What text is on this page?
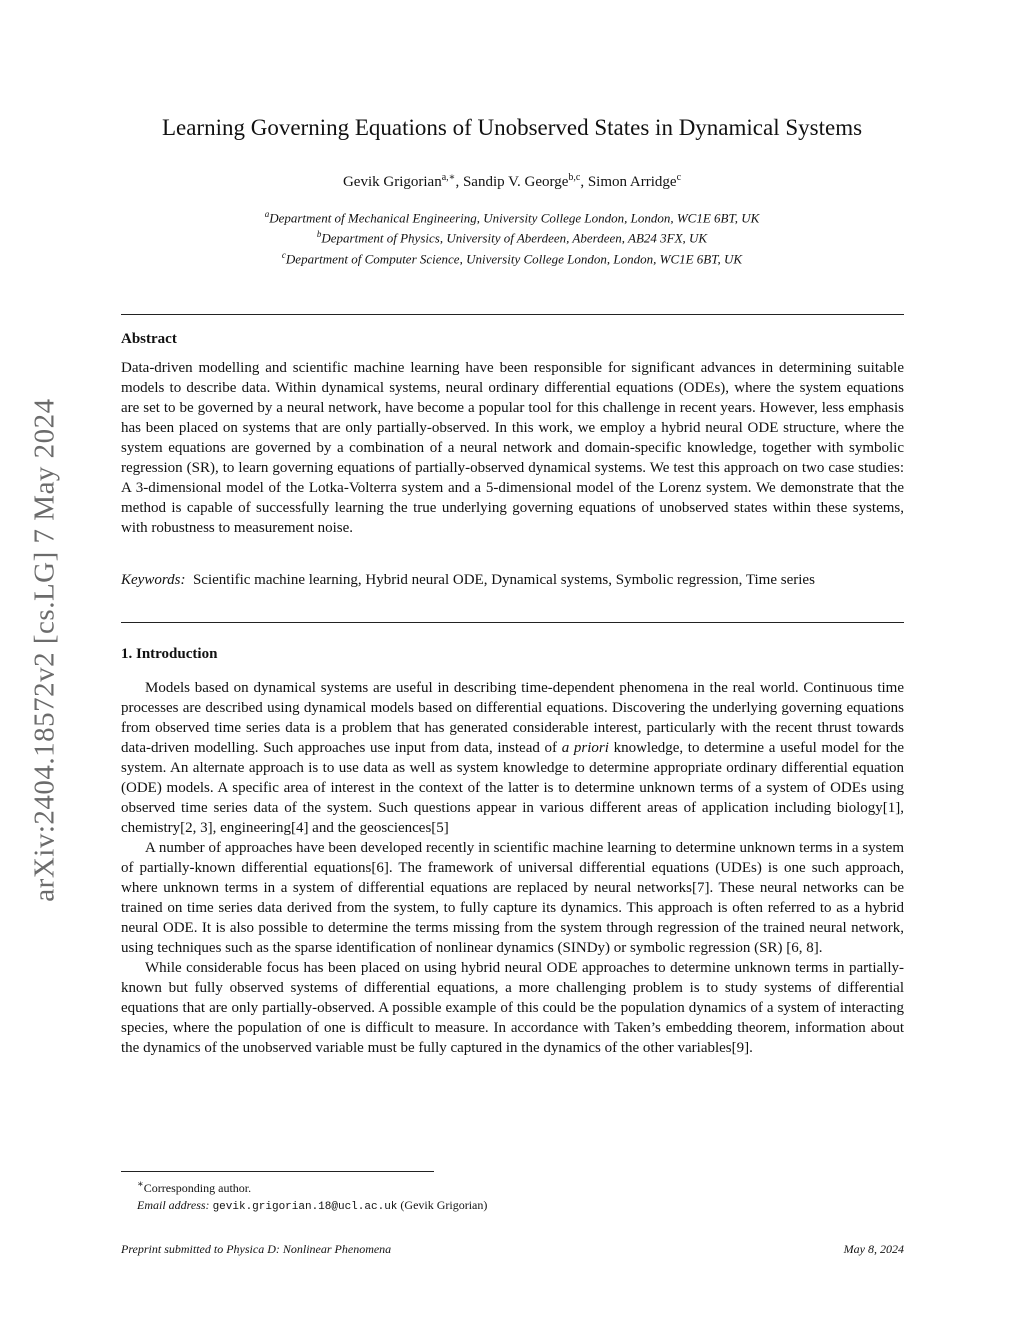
arXiv:2404.18572v2 [cs.LG] 7 May 2024
Learning Governing Equations of Unobserved States in Dynamical Systems
Gevik Grigorian$^{a,∗}$, Sandip V. George$^{b,c}$, Simon Arridge$^c$
$^a$Department of Mechanical Engineering, University College London, London, WC1E 6BT, UK
$^b$Department of Physics, University of Aberdeen, Aberdeen, AB24 3FX, UK
$^c$Department of Computer Science, University College London, London, WC1E 6BT, UK
Abstract
Data-driven modelling and scientific machine learning have been responsible for significant advances in determining suitable models to describe data. Within dynamical systems, neural ordinary differential equations (ODEs), where the system equations are set to be governed by a neural network, have become a popular tool for this challenge in recent years. However, less emphasis has been placed on systems that are only partially-observed. In this work, we employ a hybrid neural ODE structure, where the system equations are governed by a combination of a neural network and domain-specific knowledge, together with symbolic regression (SR), to learn governing equations of partially-observed dynamical systems. We test this approach on two case studies: A 3-dimensional model of the Lotka-Volterra system and a 5-dimensional model of the Lorenz system. We demonstrate that the method is capable of successfully learning the true underlying governing equations of unobserved states within these systems, with robustness to measurement noise.
Keywords: Scientific machine learning, Hybrid neural ODE, Dynamical systems, Symbolic regression, Time series
1. Introduction

Models based on dynamical systems are useful in describing time-dependent phenomena in the real world. Continuous time processes are described using dynamical models based on differential equations. Discovering the underlying governing equations from observed time series data is a problem that has generated considerable interest, particularly with the recent thrust towards data-driven modelling. Such approaches use input from data, instead of a priori knowledge, to determine a useful model for the system. An alternate approach is to use data as well as system knowledge to determine appropriate ordinary differential equation (ODE) models. A specific area of interest in the context of the latter is to determine unknown terms of a system of ODEs using observed time series data of the system. Such questions appear in various different areas of application including biology[1], chemistry[2, 3], engineering[4] and the geosciences[5]

A number of approaches have been developed recently in scientific machine learning to determine unknown terms in a system of partially-known differential equations[6]. The framework of universal differential equations (UDEs) is one such approach, where unknown terms in a system of differential equations are replaced by neural networks[7]. These neural networks can be trained on time series data derived from the system, to fully capture its dynamics. This approach is often referred to as a hybrid neural ODE. It is also possible to determine the terms missing from the system through regression of the trained neural network, using techniques such as the sparse identification of nonlinear dynamics (SINDy) or symbolic regression (SR) [6, 8].

While considerable focus has been placed on using hybrid neural ODE approaches to determine unknown terms in partially-known but fully observed systems of differential equations, a more challenging problem is to study systems of differential equations that are only partially-observed. A possible example of this could be the population dynamics of a system of interacting species, where the population of one is difficult to measure. In accordance with Taken’s embedding theorem, information about the dynamics of the unobserved variable must be fully captured in the dynamics of the other variables[9].

∗Corresponding author.
Email address: gevik.grigorian.18@ucl.ac.uk (Gevik Grigorian)
Preprint submitted to Physica D: Nonlinear Phenomena	May 8, 2024
